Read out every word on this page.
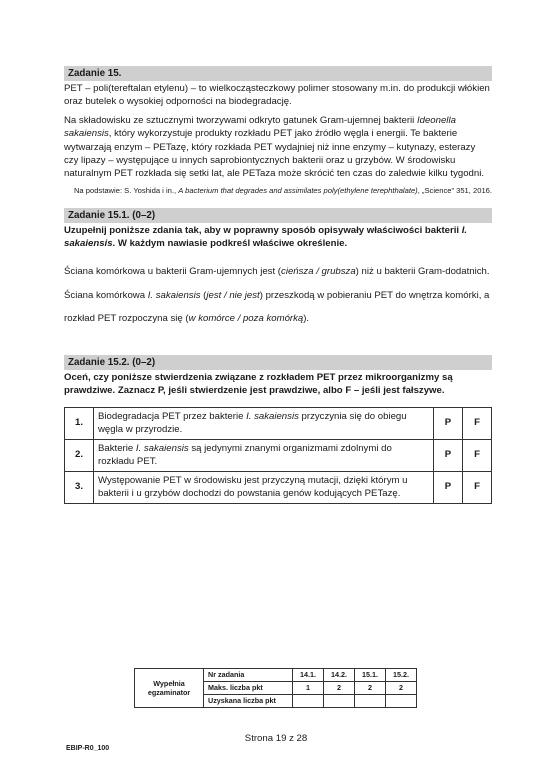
Zadanie 15.

PET – poli(tereftalan etylenu) – to wielkocząsteczkowy polimer stosowany m.in. do produkcji włókien oraz butelek o wysokiej odporności na biodegradację.

Na składowisku ze sztucznymi tworzywami odkryto gatunek Gram-ujemnej bakterii Ideonella sakaiensis, który wykorzystuje produkty rozkładu PET jako źródło węgla i energii. Te bakterie wytwarzają enzym – PETazę, który rozkłada PET wydajniej niż inne enzymy – kutynazy, esterazy czy lipazy – występujące u innych saprobiontycznych bakterii oraz u grzybów. W środowisku naturalnym PET rozkłada się setki lat, ale PETaza może skrócić ten czas do zaledwie kilku tygodni.

Na podstawie: S. Yoshida i in., A bacterium that degrades and assimilates poly(ethylene terephthalate), „Science” 351, 2016.

Zadanie 15.1. (0–2)

Uzupełnij poniższe zdania tak, aby w poprawny sposób opisywały właściwości bakterii I. sakaiensis. W każdym nawiasie podkreśl właściwe określenie.

Ściana komórkowa u bakterii Gram-ujemnych jest (cieńsza / grubsza) niż u bakterii Gram-dodatnich. Ściana komórkowa I. sakaiensis (jest / nie jest) przeszkodą w pobieraniu PET do wnętrza komórki, a rozkład PET rozpoczyna się (w komórce / poza komórką).

Zadanie 15.2. (0–2)

Oceń, czy poniższe stwierdzenia związane z rozkładem PET przez mikroorganizmy są prawdziwe. Zaznacz P, jeśli stwierdzenie jest prawdziwe, albo F – jeśli jest fałszywe.

1.	Biodegradacja PET przez bakterie I. sakaiensis przyczynia się do obiegu węgla w przyrodzie.	P	F
2.	Bakterie I. sakaiensis są jedynymi znanymi organizmami zdolnymi do rozkładu PET.	P	F
3.	Występowanie PET w środowisku jest przyczyną mutacji, dzięki którym u bakterii i u grzybów dochodzi do powstania genów kodujących PETazę.	P	F
Wypełnia
egzaminator	Nr zadania	14.1.	14.2.	15.1.	15.2.
	Maks. liczba pkt	1	2	2	2
	Uzyskana liczba pkt				
Strona 19 z 28
EBIP-R0_100
